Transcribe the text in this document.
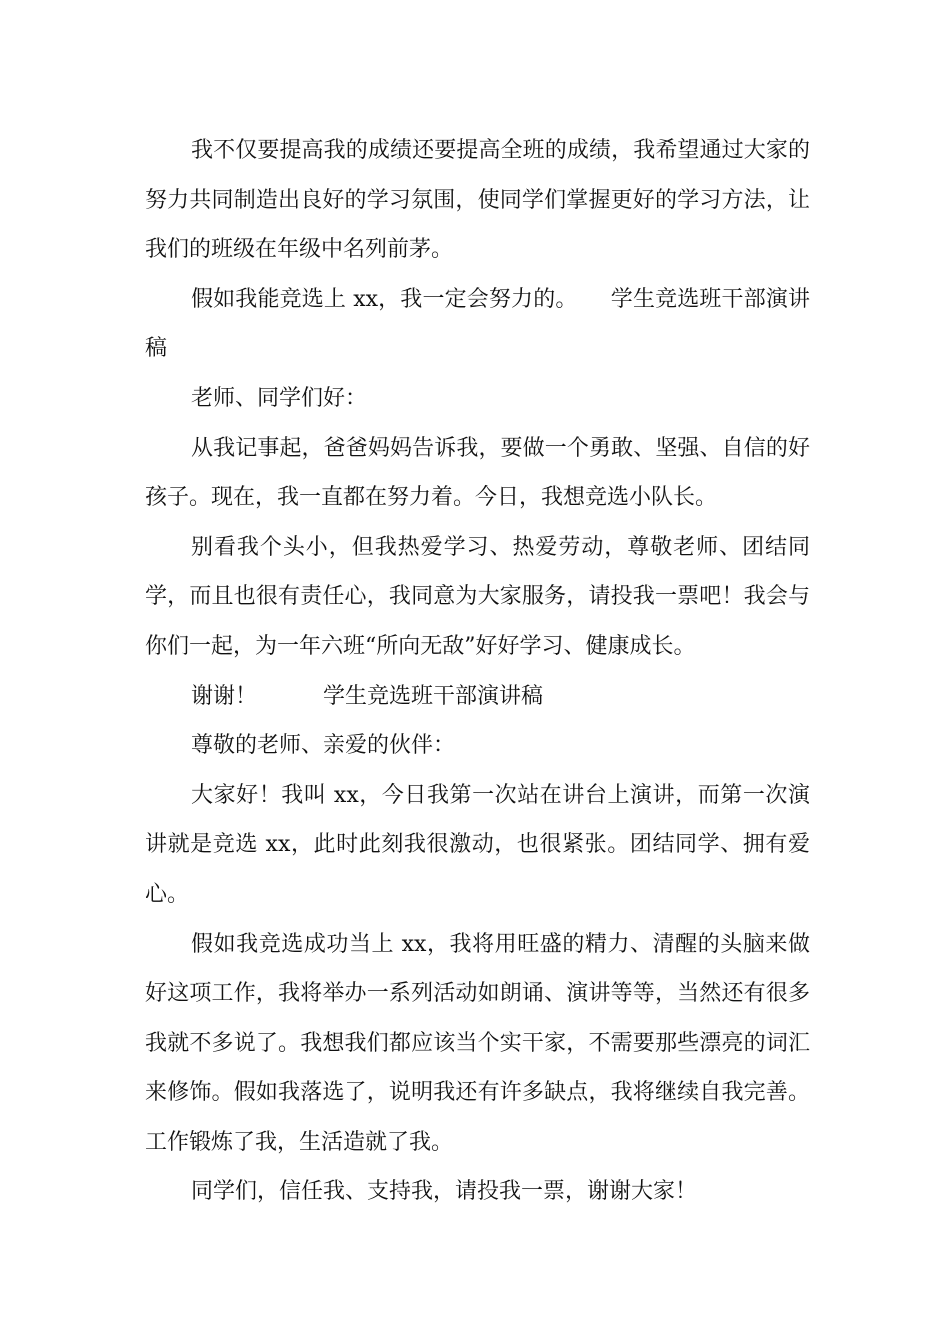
我不仅要提高我的成绩还要提高全班的成绩，我希望通过大家的努力共同制造出良好的学习氛围，使同学们掌握更好的学习方法，让我们的班级在年级中名列前茅。

假如我能竞选上 xx，我一定会努力的。　　学生竞选班干部演讲稿

老师、同学们好：

从我记事起，爸爸妈妈告诉我，要做一个勇敢、坚强、自信的好孩子。现在，我一直都在努力着。今日，我想竞选小队长。

别看我个头小，但我热爱学习、热爱劳动，尊敬老师、团结同学，而且也很有责任心，我同意为大家服务，请投我一票吧！我会与你们一起，为一年六班“所向无敌”好好学习、健康成长。

谢谢！　　　学生竞选班干部演讲稿

尊敬的老师、亲爱的伙伴：

大家好！我叫 xx，今日我第一次站在讲台上演讲，而第一次演讲就是竞选 xx，此时此刻我很激动，也很紧张。团结同学、拥有爱心。

假如我竞选成功当上 xx，我将用旺盛的精力、清醒的头脑来做好这项工作，我将举办一系列活动如朗诵、演讲等等，当然还有很多我就不多说了。我想我们都应该当个实干家，不需要那些漂亮的词汇来修饰。假如我落选了，说明我还有许多缺点，我将继续自我完善。 工作锻炼了我，生活造就了我。

同学们，信任我、支持我，请投我一票，谢谢大家！
